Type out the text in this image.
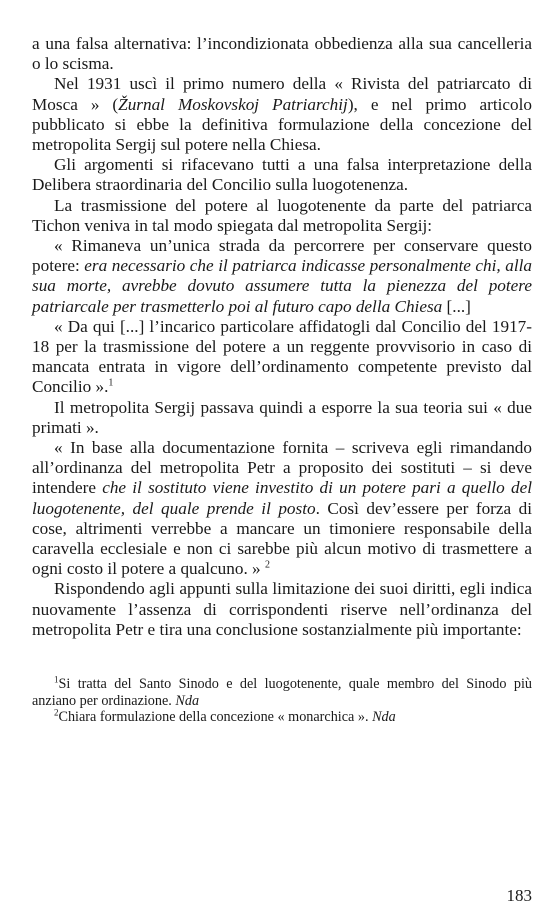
a una falsa alternativa: l’incondizionata obbedienza alla sua cancelleria o lo scisma.

Nel 1931 uscì il primo numero della « Rivista del patriarcato di Mosca » (Žurnal Moskovskoj Patriarchij), e nel primo articolo pubblicato si ebbe la definitiva formulazione della concezione del metropolita Sergij sul potere nella Chiesa.

Gli argomenti si rifacevano tutti a una falsa interpretazione della Delibera straordinaria del Concilio sulla luogotenenza.

La trasmissione del potere al luogotenente da parte del patriarca Tichon veniva in tal modo spiegata dal metropolita Sergij:

« Rimaneva un’unica strada da percorrere per conservare questo potere: era necessario che il patriarca indicasse personalmente chi, alla sua morte, avrebbe dovuto assumere tutta la pienezza del potere patriarcale per trasmetterlo poi al futuro capo della Chiesa [...]

« Da qui [...] l’incarico particolare affidatogli dal Concilio del 1917-18 per la trasmissione del potere a un reggente provvisorio in caso di mancata entrata in vigore dell’ordinamento competente previsto dal Concilio ».$^1$

Il metropolita Sergij passava quindi a esporre la sua teoria sui « due primati ».

« In base alla documentazione fornita – scriveva egli rimandando all’ordinanza del metropolita Petr a proposito dei sostituti – si deve intendere che il sostituto viene investito di un potere pari a quello del luogotenente, del quale prende il posto. Così dev’essere per forza di cose, altrimenti verrebbe a mancare un timoniere responsabile della caravella ecclesiale e non ci sarebbe più alcun motivo di trasmettere a ogni costo il potere a qualcuno. » $^2$

Rispondendo agli appunti sulla limitazione dei suoi diritti, egli indica nuovamente l’assenza di corrispondenti riserve nell’ordinanza del metropolita Petr e tira una conclusione sostanzialmente più importante:

$^1$Si tratta del Santo Sinodo e del luogotenente, quale membro del Sinodo più anziano per ordinazione. Nda

$^2$Chiara formulazione della concezione « monarchica ». Nda

183
